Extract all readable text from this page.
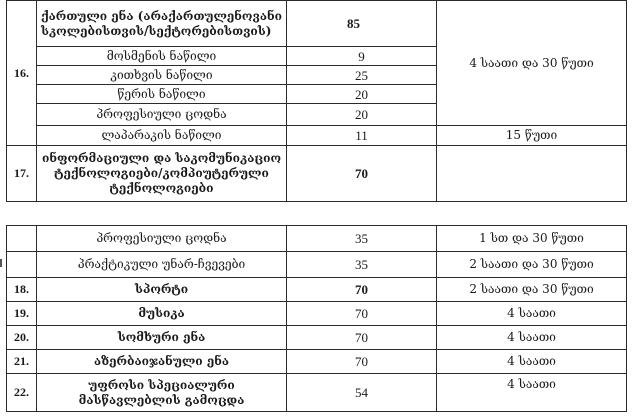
16.	ქართული ენა (არაქართულენოვანი სკოლებისთვის/სექტორებისთვის)	85	4 საათი და 30 წუთი
	მოსმენის ნაწილი	9	
	კითხვის ნაწილი	25	
	წერის ნაწილი	20	
	პროფესიული ცოდნა	20	
	ლაპარაკის ნაწილი	11	15 წუთი
17.	ინფორმაციული და საკომუნიკაციო ტექნოლოგიები/კომპიუტერული ტექნოლოგიები	70	
	პროფესიული ცოდნა	35	1 სთ და 30 წუთი
	პრაქტიკული უნარ-ჩვევები	35	2 საათი და 30 წუთი
18.	სპორტი	70	2 საათი და 30 წუთი
19.	მუსიკა	70	4 საათი
20.	სომხური ენა	70	4 საათი
21.	აზერბაიჯანული ენა	70	4 საათი
22.	უფროსი სპეციალური მასწავლებლის გამოცდა	54	4 საათი
